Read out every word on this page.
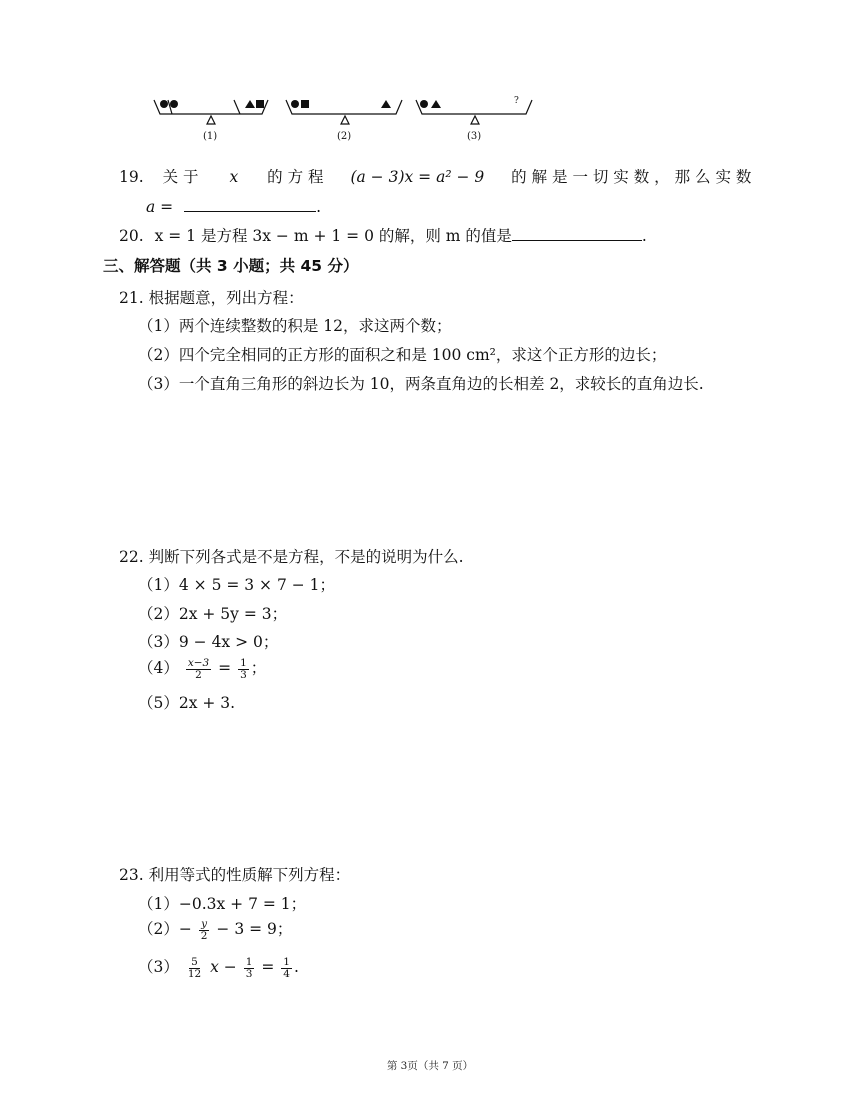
(1)	(2)
?
(3)
19. 关 于 x 的 方 程 (a − 3)x = a² − 9 的 解 是 一 切 实 数 ， 那 么 实 数
a =	.
20. x = 1 是方程 3x − m + 1 = 0 的解，则 m 的值是	.
三、解答题（共 3 小题；共 45 分）
21. 根据题意，列出方程：
（1）两个连续整数的积是 12，求这两个数；
（2）四个完全相同的正方形的面积之和是 100 cm²，求这个正方形的边长；
（3）一个直角三角形的斜边长为 10，两条直角边的长相差 2，求较长的直角边长.
22. 判断下列各式是不是方程，不是的说明为什么.
（1）4 × 5 = 3 × 7 − 1；
（2）2x + 5y = 3；
（3）9 − 4x > 0；
$(4) \frac{x-3}{2} = \frac{1}{3}$ ；
（5）2x + 3.
23. 利用等式的性质解下列方程：
（1）−0.3x + 7 = 1；
$(2)- \frac{y}{2} - 3 = 9$；
$(3) \frac{5}{12}$ $x - \frac{1}{3} = \frac{1}{4}$ .
第 3页（共 7 页）
